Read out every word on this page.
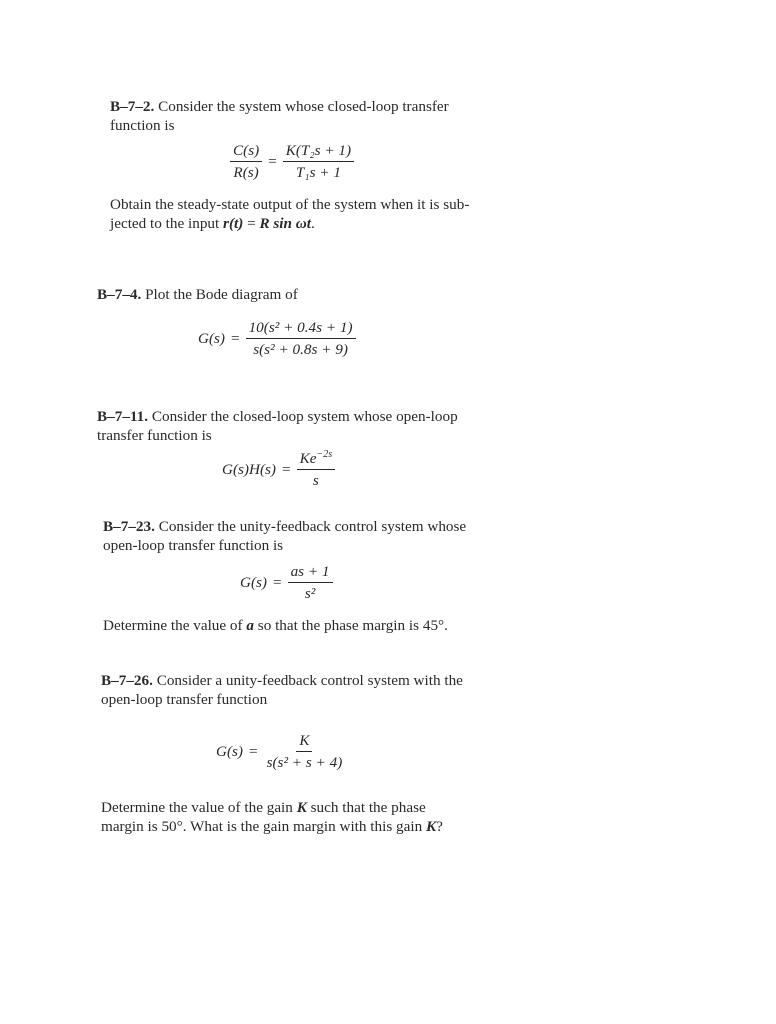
B–7–2. Consider the system whose closed-loop transfer

function is

$\frac{C(s)}{R(s)} = \frac{\text{K(T₂s + 1)}}{\text{T₁s + 1}}$

Obtain the steady-state output of the system when it is sub-

jected to the input r(t) = R sin ωt.

B–7–4. Plot the Bode diagram of

$G(s) = \frac{\text{10(s² + 0.4s + 1)}}{\text{s(s² + 0.8s + 9)}}$

B–7–11. Consider the closed-loop system whose open-loop

transfer function is

$G(s)H(s) = \frac{Ke^{-2s}}{s}$

B–7–23. Consider the unity-feedback control system whose

open-loop transfer function is

$G(s) = \frac{as + 1}{\text{s²}}$

Determine the value of a so that the phase margin is 45°.

B–7–26. Consider a unity-feedback control system with the

open-loop transfer function

$G(s) = \frac{K}{\text{s(s² + s + 4)}}$

Determine the value of the gain K such that the phase

margin is 50°. What is the gain margin with this gain K?
